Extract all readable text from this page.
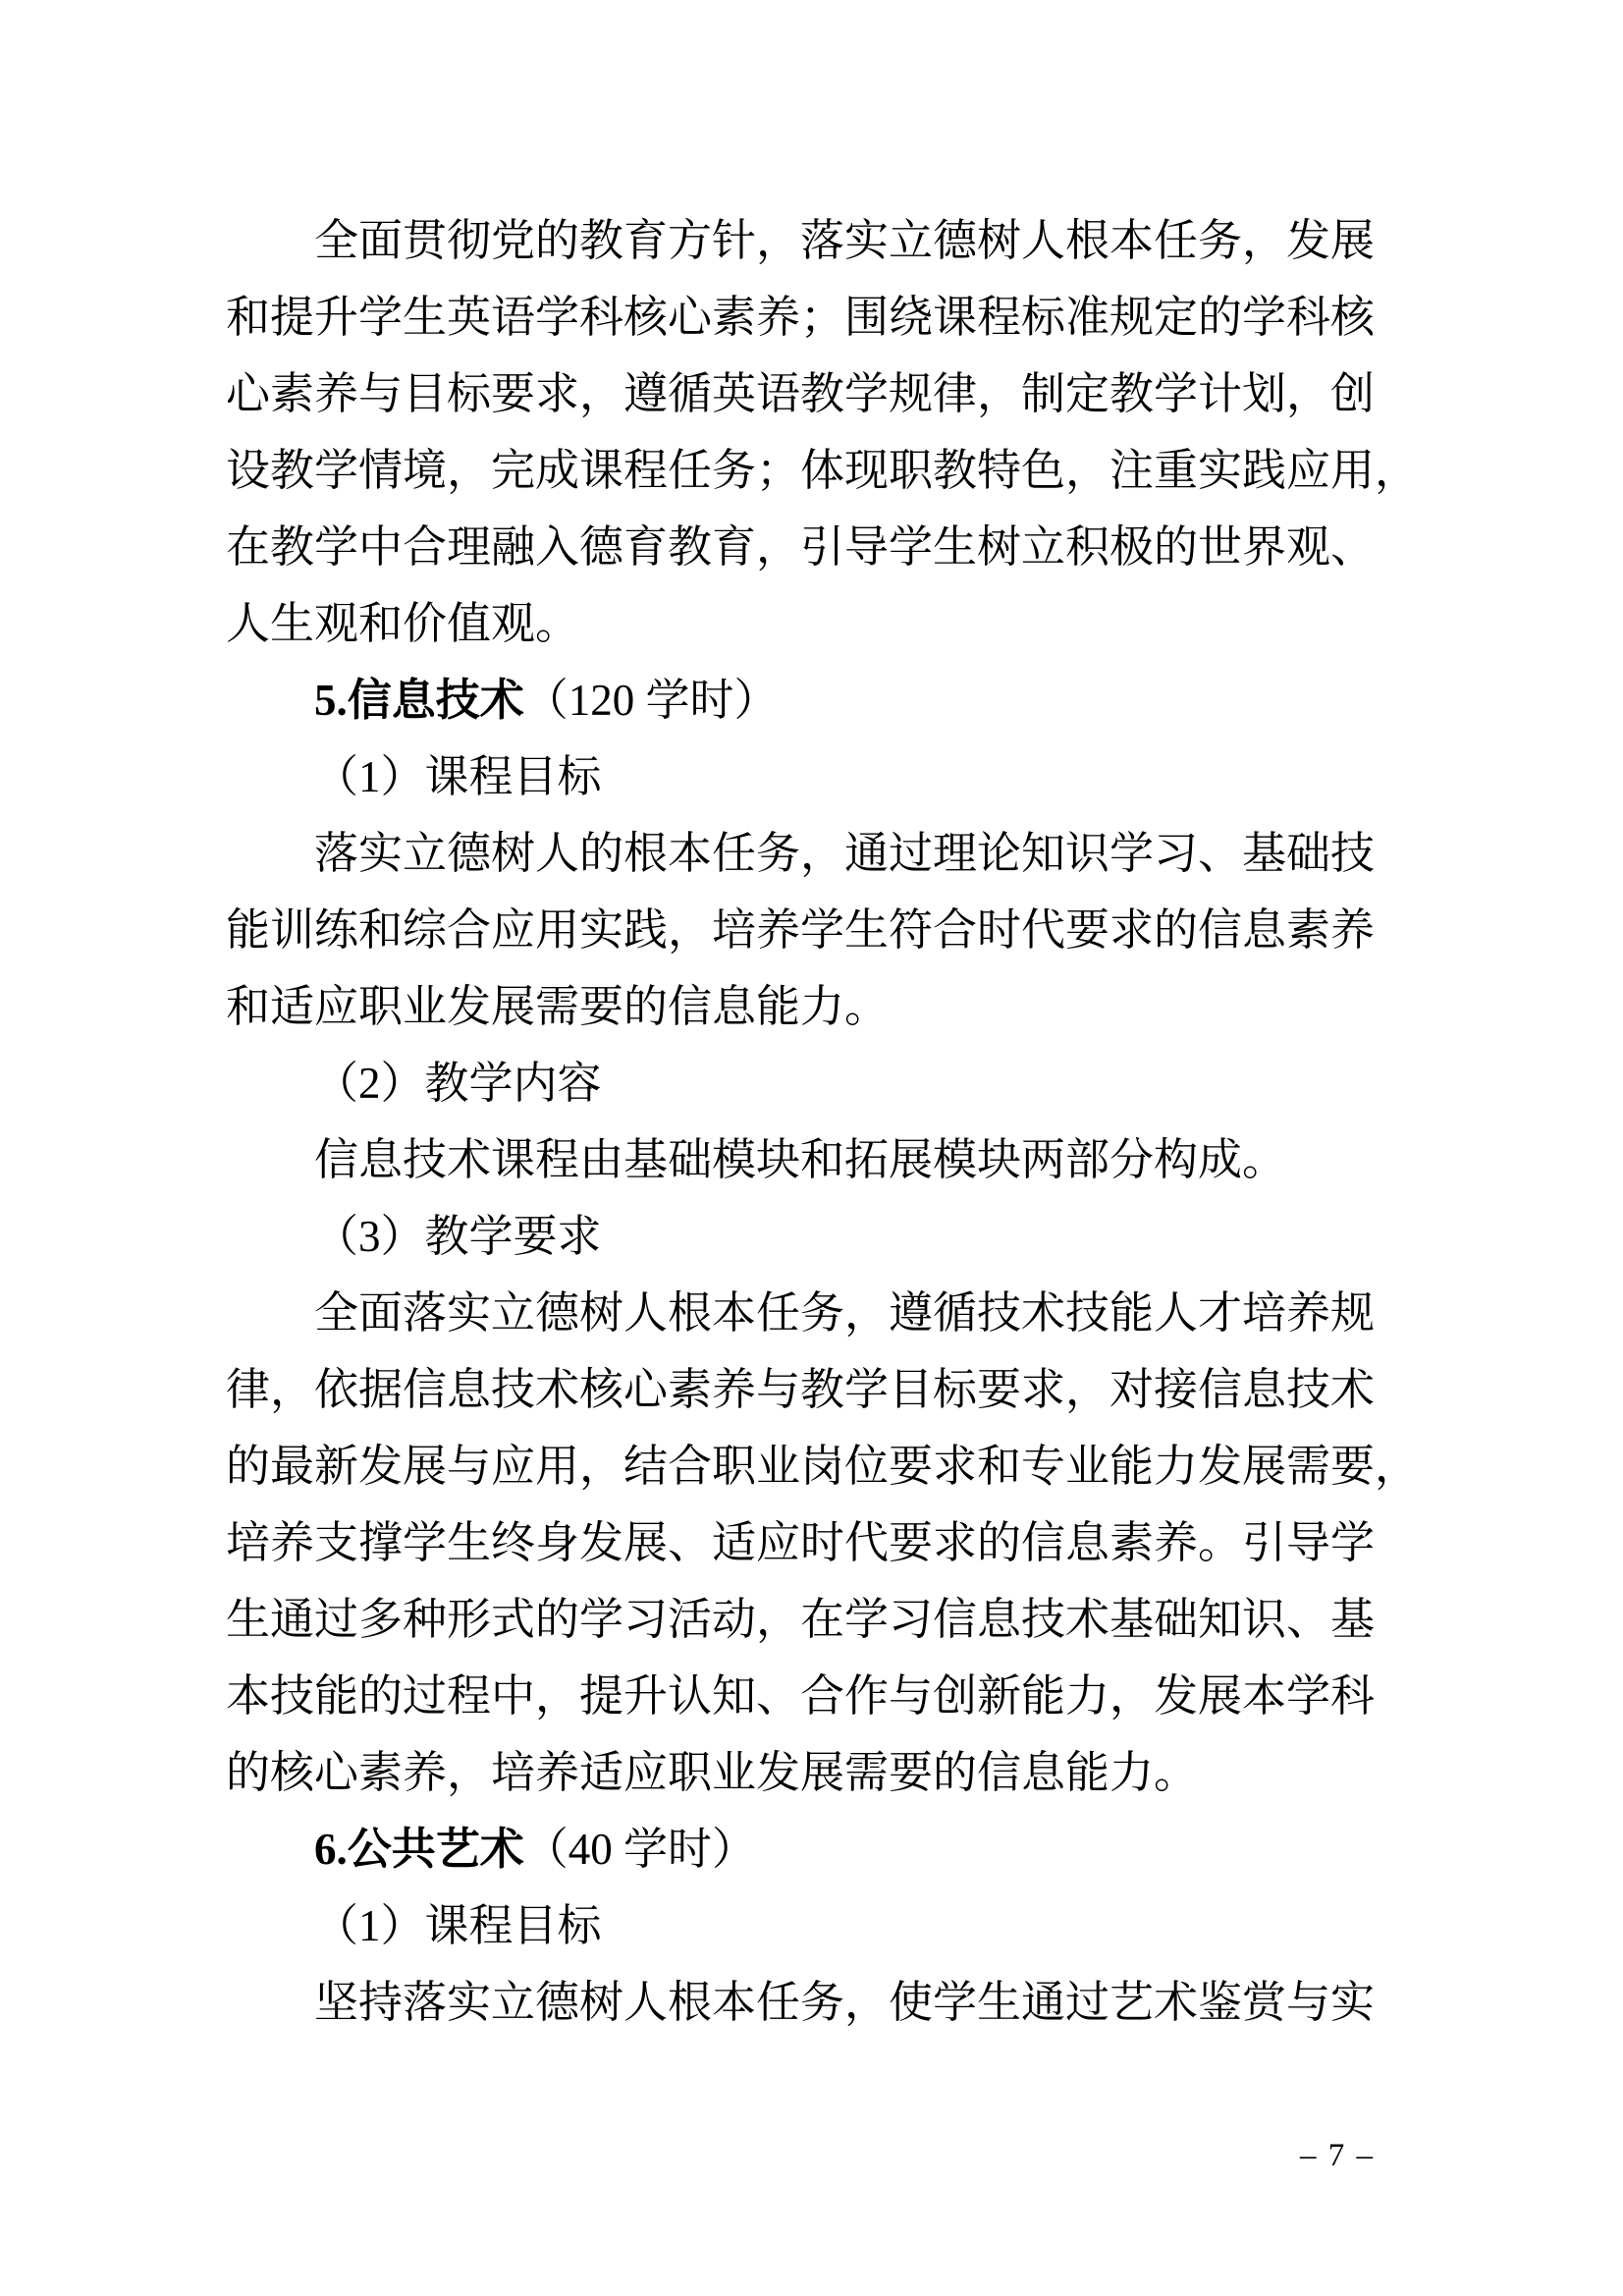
全面贯彻党的教育方针，落实立德树人根本任务，发展
和提升学生英语学科核心素养；围绕课程标准规定的学科核
心素养与目标要求，遵循英语教学规律，制定教学计划，创
设教学情境，完成课程任务；体现职教特色，注重实践应用，
在教学中合理融入德育教育，引导学生树立积极的世界观、
人生观和价值观。
5.信息技术（120 学时）
（1）课程目标
落实立德树人的根本任务，通过理论知识学习、基础技
能训练和综合应用实践，培养学生符合时代要求的信息素养
和适应职业发展需要的信息能力。
（2）教学内容
信息技术课程由基础模块和拓展模块两部分构成。
（3）教学要求
全面落实立德树人根本任务，遵循技术技能人才培养规
律，依据信息技术核心素养与教学目标要求，对接信息技术
的最新发展与应用，结合职业岗位要求和专业能力发展需要，
培养支撑学生终身发展、适应时代要求的信息素养。引导学
生通过多种形式的学习活动，在学习信息技术基础知识、基
本技能的过程中，提升认知、合作与创新能力，发展本学科
的核心素养，培养适应职业发展需要的信息能力。
6.公共艺术（40 学时）
（1）课程目标
坚持落实立德树人根本任务，使学生通过艺术鉴赏与实
– 7 –
